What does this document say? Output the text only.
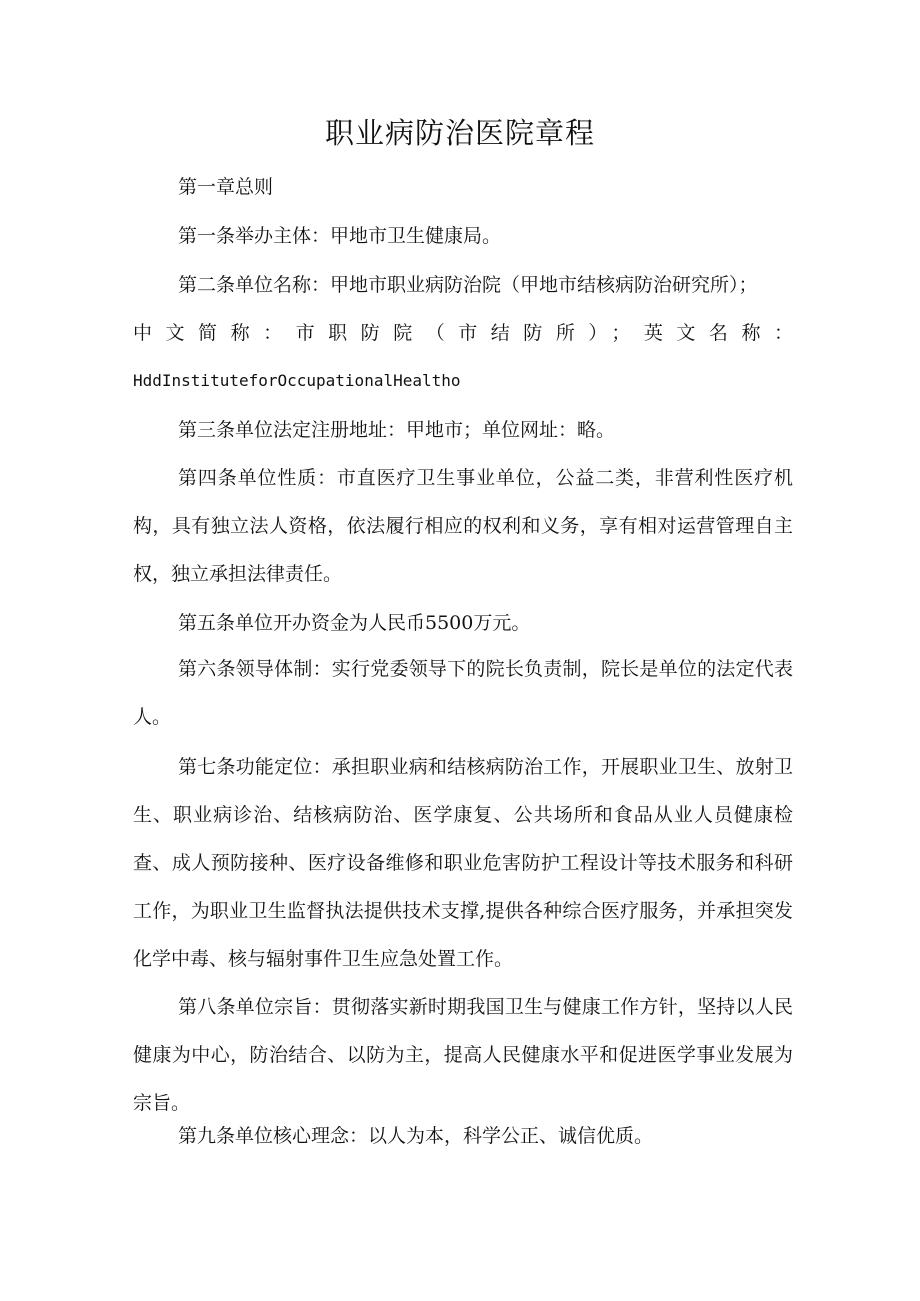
职业病防治医院章程

第一章总则

第一条举办主体：甲地市卫生健康局。

第二条单位名称：甲地市职业病防治院（甲地市结核病防治研究所）；
中文简称：市职防院（市结防所）；英文名称：
HddInstituteforOccupationalHealtho

第三条单位法定注册地址：甲地市；单位网址：略。

第四条单位性质：市直医疗卫生事业单位，公益二类，非营利性医疗机构，具有独立法人资格，依法履行相应的权利和义务，享有相对运营管理自主权，独立承担法律责任。

第五条单位开办资金为人民币5500万元。

第六条领导体制：实行党委领导下的院长负责制，院长是单位的法定代表人。

第七条功能定位：承担职业病和结核病防治工作，开展职业卫生、放射卫生、职业病诊治、结核病防治、医学康复、公共场所和食品从业人员健康检查、成人预防接种、医疗设备维修和职业危害防护工程设计等技术服务和科研工作，为职业卫生监督执法提供技术支撑,提供各种综合医疗服务，并承担突发化学中毒、核与辐射事件卫生应急处置工作。

第八条单位宗旨：贯彻落实新时期我国卫生与健康工作方针，坚持以人民健康为中心，防治结合、以防为主，提高人民健康水平和促进医学事业发展为宗旨。

第九条单位核心理念：以人为本，科学公正、诚信优质。
